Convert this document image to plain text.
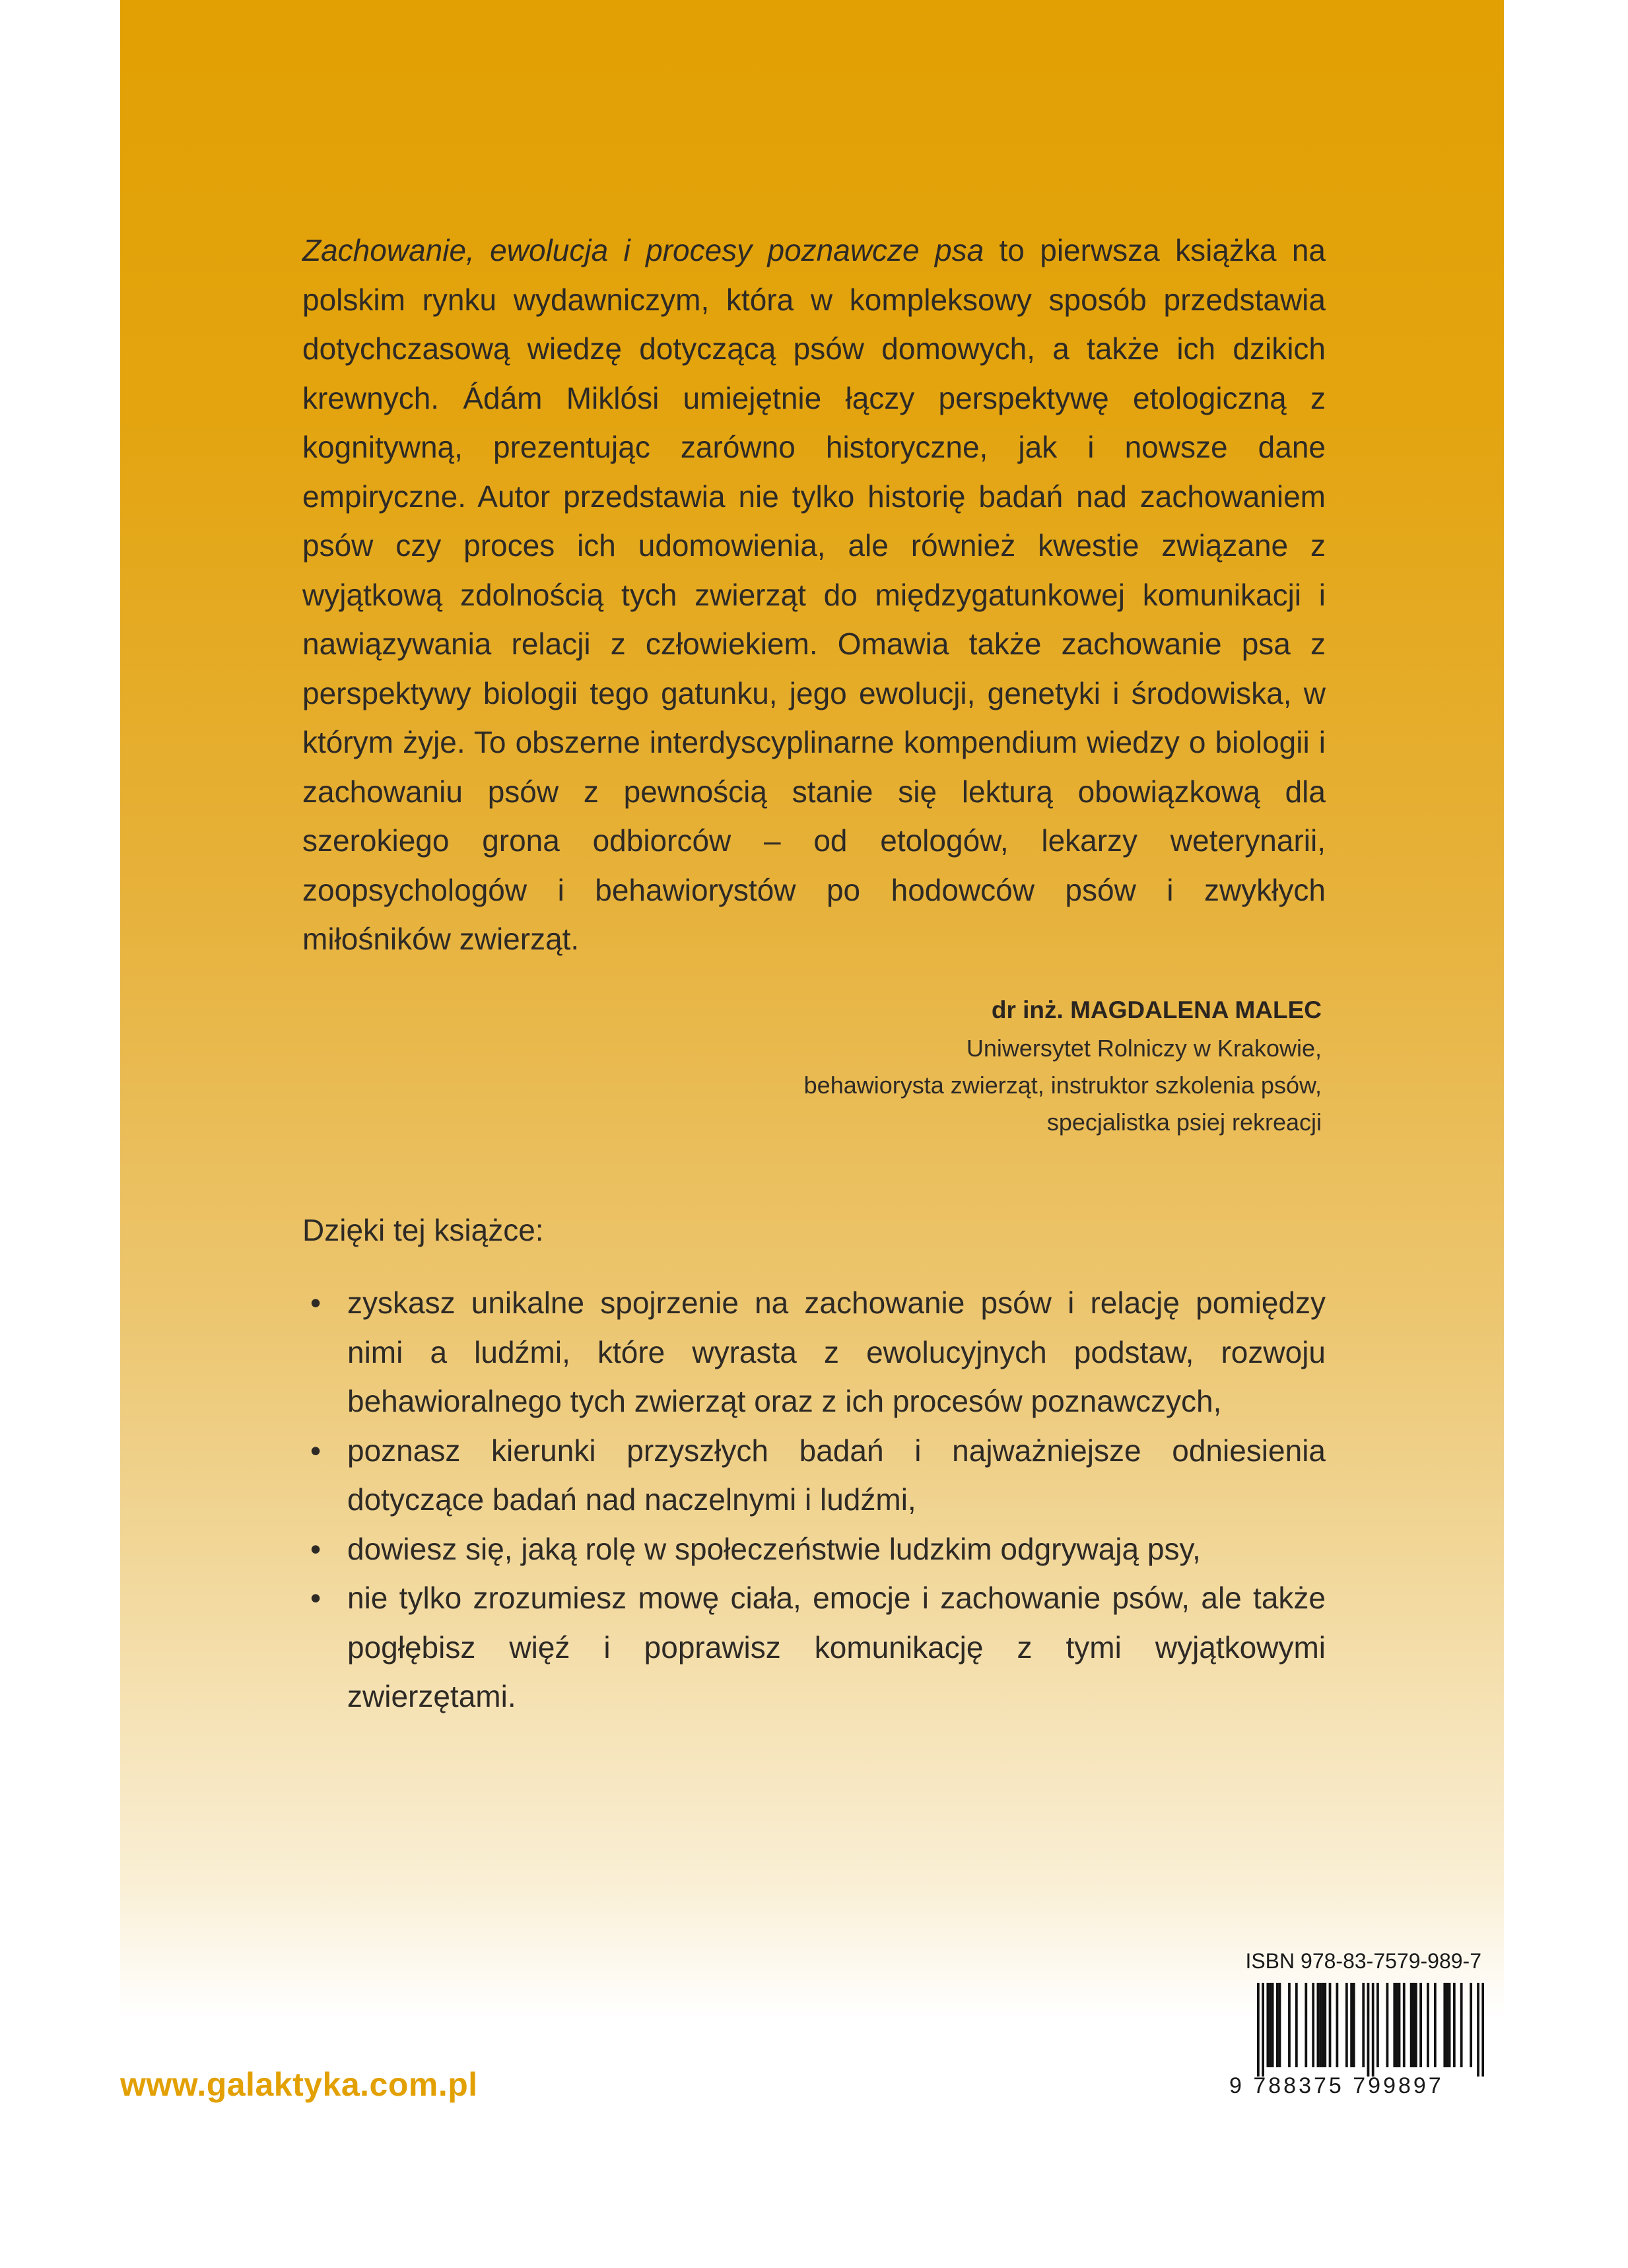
Zachowanie, ewolucja i procesy poznawcze psa to pierwsza książka na polskim rynku wydawniczym, która w kompleksowy sposób przedstawia dotychczasową wiedzę dotyczącą psów domowych, a także ich dzikich krewnych. Ádám Miklósi umiejętnie łączy perspektywę etologiczną z kognitywną, prezentując zarówno historyczne, jak i nowsze dane empiryczne. Autor przedstawia nie tylko historię badań nad zachowaniem psów czy proces ich udomowienia, ale również kwestie związane z wyjątkową zdolnością tych zwierząt do międzygatunkowej komunikacji i nawiązywania relacji z człowiekiem. Omawia także zachowanie psa z perspektywy biologii tego gatunku, jego ewolucji, genetyki i środowiska, w którym żyje. To obszerne interdyscyplinarne kompendium wiedzy o biologii i zachowaniu psów z pewnością stanie się lekturą obowiązkową dla szerokiego grona odbiorców – od etologów, lekarzy weterynarii, zoopsychologów i behawiorystów po hodowców psów i zwykłych miłośników zwierząt.

dr inż. MAGDALENA MALEC
Uniwersytet Rolniczy w Krakowie,
behawiorysta zwierząt, instruktor szkolenia psów,
specjalistka psiej rekreacji

Dzięki tej książce:

• zyskasz unikalne spojrzenie na zachowanie psów i relację pomiędzy nimi a ludźmi, które wyrasta z ewolucyjnych podstaw, rozwoju behawioralnego tych zwierząt oraz z ich procesów poznawczych,
• poznasz kierunki przyszłych badań i najważniejsze odniesienia dotyczące badań nad naczelnymi i ludźmi,
• dowiesz się, jaką rolę w społeczeństwie ludzkim odgrywają psy,
• nie tylko zrozumiesz mowę ciała, emocje i zachowanie psów, ale także pogłębisz więź i poprawisz komunikację z tymi wyjątkowymi zwierzętami.
www.galaktyka.com.pl
ISBN 978-83-7579-989-7
9 788375 799897
